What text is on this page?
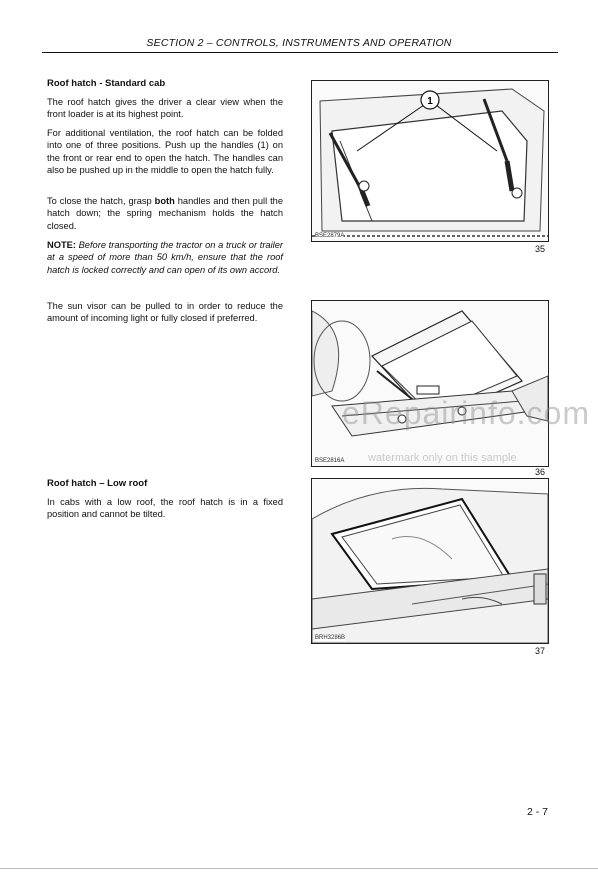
SECTION 2 – CONTROLS, INSTRUMENTS AND OPERATION
Roof hatch - Standard cab

The roof hatch gives the driver a clear view when the front loader is at its highest point.

For additional ventilation, the roof hatch can be folded into one of three positions. Push up the handles (1) on the front or rear end to open the hatch. The handles can also be pushed up in the middle to open the hatch fully.

To close the hatch, grasp both handles and then pull the hatch down; the spring mechanism holds the hatch closed.

NOTE: Before transporting the tractor on a truck or trailer at a speed of more than 50 km/h, ensure that the roof hatch is locked correctly and can open of its own accord.

The sun visor can be pulled to in order to reduce the amount of incoming light or fully closed if preferred.

Roof hatch – Low roof

In cabs with a low roof, the roof hatch is in a fixed position and cannot be tilted.

1
BSE2879A
35
BSE2816A
eRepairinfo.com
watermark only on this sample
36
BRH3286B
37
2 - 7
